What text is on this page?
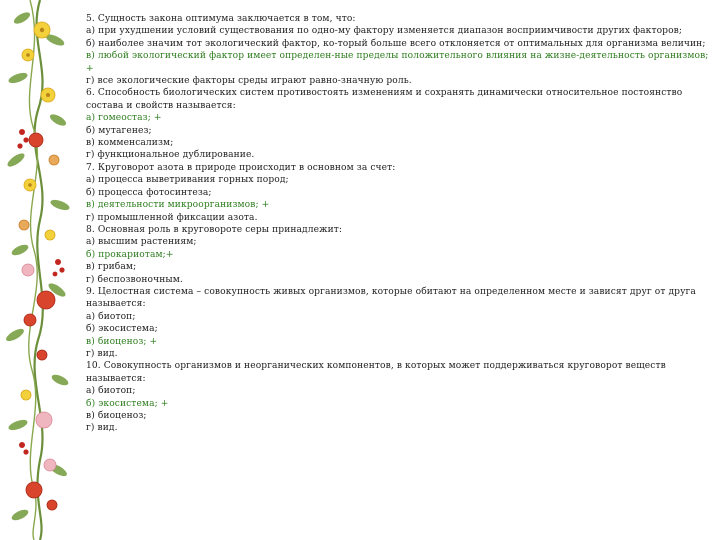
5. Сущность закона оптимума заключается в том, что:
а) при ухудшении условий существования по одно-му фактору изменяется диапазон восприимчивости других факторов;
б) наиболее значим тот экологический фактор, ко-торый больше всего отклоняется от оптимальных для организма величин;
в) любой экологический фактор имеет определен-ные пределы положительного влияния на жизне-деятельность организмов; +
г) все экологические факторы среды играют равно-значную роль.
6. Способность биологических систем противостоять изменениям и сохранять динамически относительное постоянство состава и свойств называется:
а) гомеостаз; +
б) мутагенез;
в) комменсализм;
г) функциональное дублирование.
7. Круговорот азота в природе происходит в основном за счет:
а) процесса выветривания горных пород;
б) процесса фотосинтеза;
в) деятельности микроорганизмов; +
г) промышленной фиксации азота.
8. Основная роль в круговороте серы принадлежит:
а) высшим растениям;
б) прокариотам;+
в) грибам;
г) беспозвоночным.
9. Целостная система – совокупность живых организмов, которые обитают на определенном месте и зависят друг от друга называется:
а) биотоп;
б) экосистема;
в) биоценоз; +
г) вид.
10. Совокупность организмов и неорганических компонентов, в которых может поддерживаться круговорот веществ называется:
а) биотоп;
б) экосистема; +
в) биоценоз;
г) вид.
